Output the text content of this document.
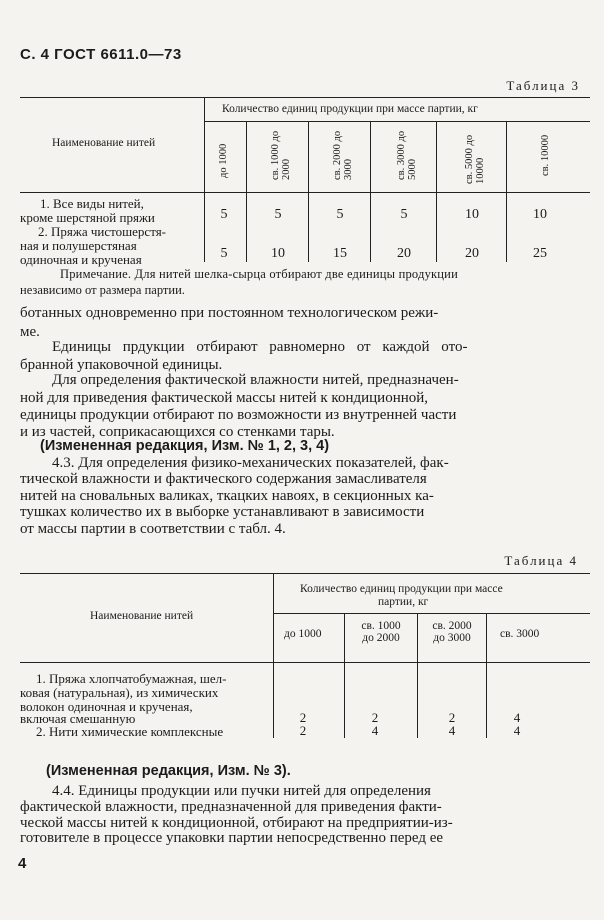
С. 4 ГОСТ 6611.0—73
Таблица 3
Количество единиц продукции при массе партии, кг
Наименование нитей
до 1000	св. 1000 до 2000	св. 2000 до 3000	св. 3000 до 5000	св. 5000 до 10000	св. 10000
1. Все виды нитей,
кроме шерстяной пряжи
2. Пряжа чистошерстя-
ная и полушерстяная
одиночная и крученая
5	5	5	5	10	10
5	10	15	20	20	25
Примечание. Для нитей шелка-сырца отбирают две единицы продукции
независимо от размера партии.
ботанных одновременно при постоянном технологическом режи-
ме.
Единицы прдукции отбирают равномерно от каждой ото-
бранной упаковочной единицы.
Для определения фактической влажности нитей, предназначен-
ной для приведения фактической массы нитей к кондиционной,
единицы продукции отбирают по возможности из внутренней части
и из частей, соприкасающихся со стенками тары.
(Измененная редакция, Изм. № 1, 2, 3, 4)
4.3. Для определения физико-механических показателей, фак-
тической влажности и фактического содержания замасливателя
нитей на сновальных валиках, ткацких навоях, в секционных ка-
тушках количество их в выборке устанавливают в зависимости
от массы партии в соответствии с табл. 4.
Таблица 4
Количество единиц продукции при массе
партии, кг
Наименование нитей
до 1000
св. 1000 до 2000
св. 2000 до 3000	св. 3000
1. Пряжа хлопчатобумажная, шел-
ковая (натуральная), из химических
волокон одиночная и крученая,
включая смешанную
2. Нити химические комплексные
2	2	2	4
2	4	4	4
(Измененная редакция, Изм. № 3).
4.4. Единицы продукции или пучки нитей для определения
фактической влажности, предназначенной для приведения факти-
ческой массы нитей к кондиционной, отбирают на предприятии-из-
готовителе в процессе упаковки партии непосредственно перед ее
4
